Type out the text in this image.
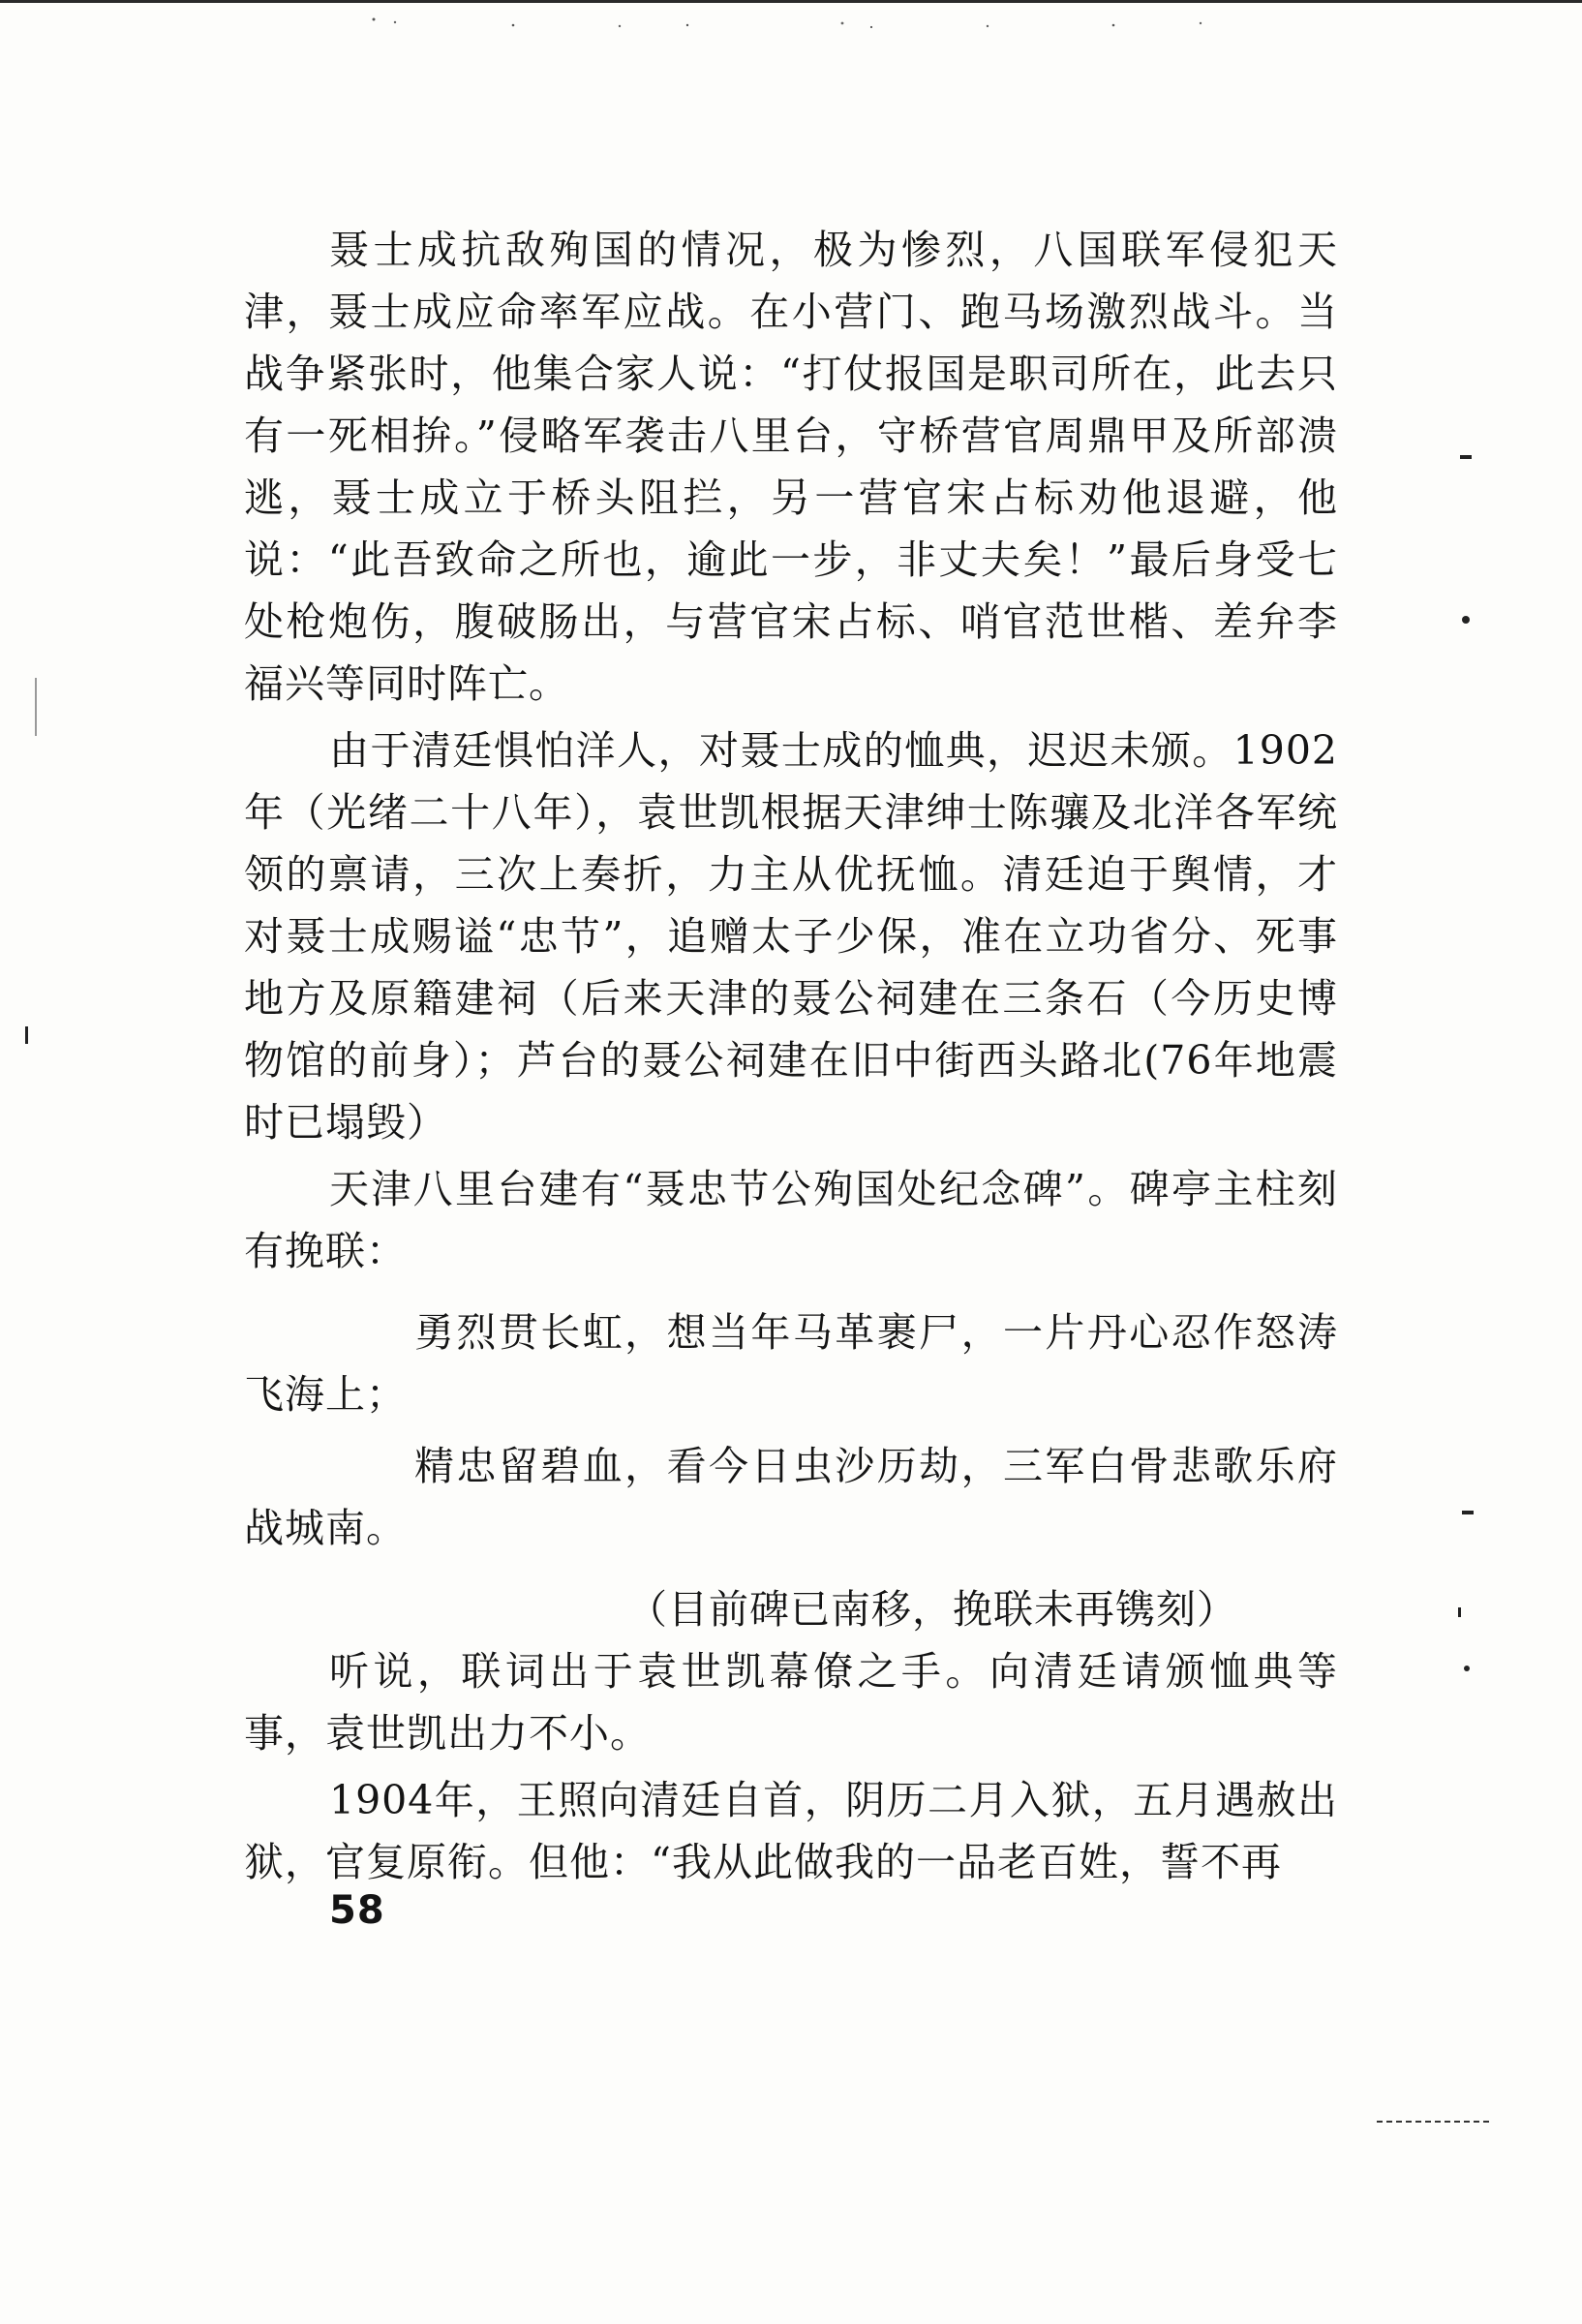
聂士成抗敌殉国的情况，极为惨烈，八国联军侵犯天津，聂士成应命率军应战。在小营门、跑马场激烈战斗。当战争紧张时，他集合家人说：“打仗报国是职司所在，此去只有一死相拚。”侵略军袭击八里台，守桥营官周鼎甲及所部溃逃，聂士成立于桥头阻拦，另一营官宋占标劝他退避，他说：“此吾致命之所也，逾此一步，非丈夫矣！”最后身受七处枪炮伤，腹破肠出，与营官宋占标、哨官范世楷、差弁李福兴等同时阵亡。

由于清廷惧怕洋人，对聂士成的恤典，迟迟未颁。1902年（光绪二十八年），袁世凯根据天津绅士陈骧及北洋各军统领的禀请，三次上奏折，力主从优抚恤。清廷迫于舆情，才对聂士成赐谥“忠节”，追赠太子少保，准在立功省分、死事地方及原籍建祠（后来天津的聂公祠建在三条石（今历史博物馆的前身）；芦台的聂公祠建在旧中街西头路北(76年地震时已塌毁）

天津八里台建有“聂忠节公殉国处纪念碑”。碑亭主柱刻有挽联：

勇烈贯长虹，想当年马革裹尸，一片丹心忍作怒涛飞海上；

精忠留碧血，看今日虫沙历劫，三军白骨悲歌乐府战城南。

（目前碑已南移，挽联未再镌刻）

听说，联词出于袁世凯幕僚之手。向清廷请颁恤典等事，袁世凯出力不小。

1904年，王照向清廷自首，阴历二月入狱，五月遇赦出狱，官复原衔。但他：“我从此做我的一品老百姓，誓不再

58
